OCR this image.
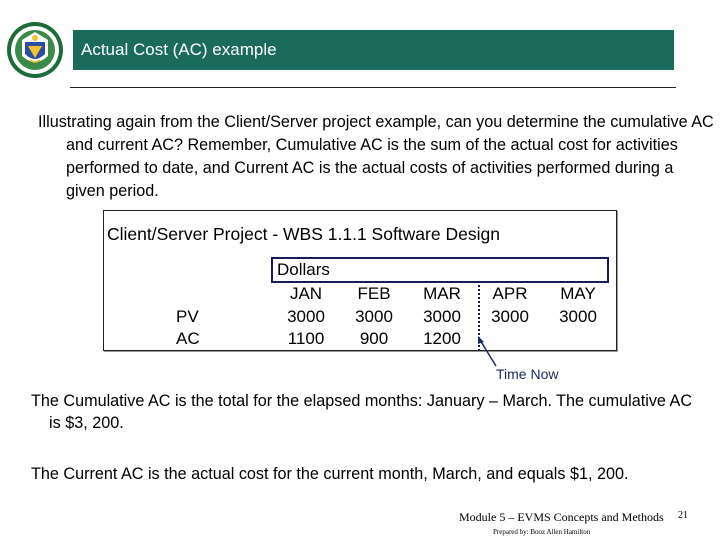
Actual Cost (AC) example

Illustrating again from the Client/Server project example, can you determine the cumulative AC and current AC? Remember, Cumulative AC is the sum of the actual cost for activities performed to date, and Current AC is the actual costs of activities performed during a given period.

Client/Server Project - WBS 1.1.1 Software Design
Dollars
JAN	FEB	MAR	APR	MAY
PV	3000	3000	3000	3000	3000
AC	1100	900	1200
Time Now

The Cumulative AC is the total for the elapsed months: January – March. The cumulative AC is $3, 200.

The Current AC is the actual cost for the current month, March, and equals $1, 200.

Module 5 – EVMS Concepts and Methods 21
Prepared by: Booz Allen Hamilton
